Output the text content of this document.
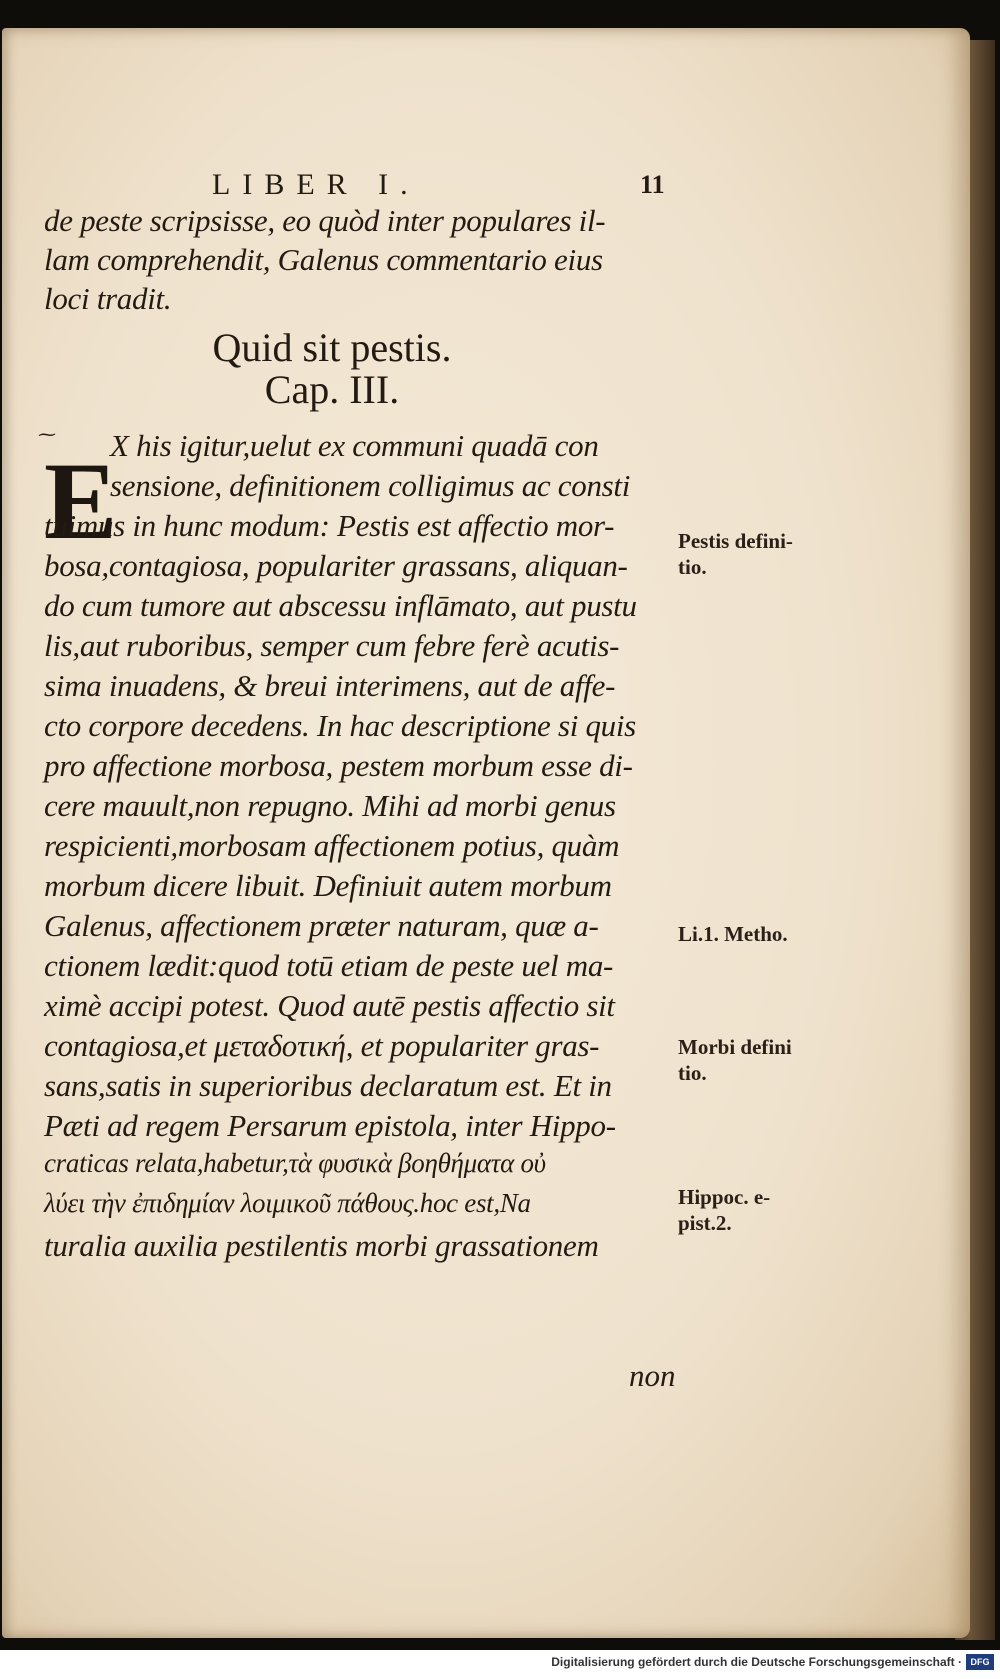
LIBER I.	11
de peste scripsisse, eo quòd inter populares il-
lam comprehendit, Galenus commentario eius
loci tradit.
Quid sit pestis.
Cap. III.
⁓
E
X his igitur,uelut ex communi quadā con
sensione, definitionem colligimus ac consti
tuimus in hunc modum: Pestis est affectio mor-
bosa,contagiosa, populariter grassans, aliquan-
do cum tumore aut abscessu inflāmato, aut pustu
lis,aut ruboribus, semper cum febre ferè acutis-
sima inuadens, & breui interimens, aut de affe-
cto corpore decedens. In hac descriptione si quis
pro affectione morbosa, pestem morbum esse di-
cere mauult,non repugno. Mihi ad morbi genus
respicienti,morbosam affectionem potius, quàm
morbum dicere libuit. Definiuit autem morbum
Galenus, affectionem præter naturam, quæ a-
ctionem lædit:quod totū etiam de peste uel ma-
ximè accipi potest. Quod autē pestis affectio sit
contagiosa,et μεταδοτική, et populariter gras-
sans,satis in superioribus declaratum est. Et in
Pæti ad regem Persarum epistola, inter Hippo-
craticas relata,habetur,τὰ φυσικὰ βοηθήματα οὐ
λύει τὴν ἐπιδημίαν λοιμικοῦ πάθους.hoc est,Na
turalia auxilia pestilentis morbi grassationem
non
Pestis defini-
tio.
Li.1. Metho.
Morbi defini
tio.
Hippoc. e-
pist.2.
Digitalisierung gefördert durch die Deutsche Forschungsgemeinschaft · DFG
